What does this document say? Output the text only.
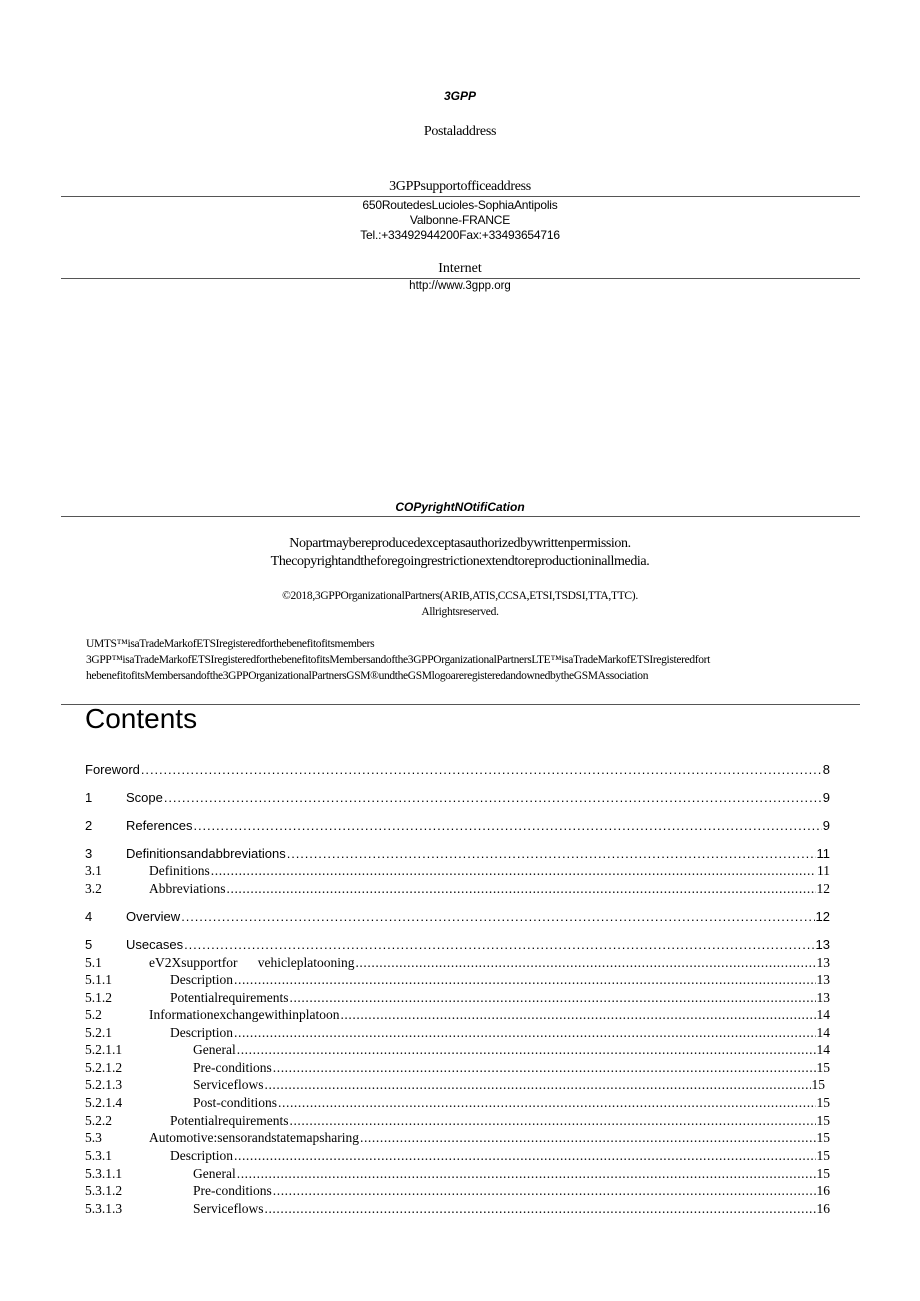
3GPP
Postaladdress
3GPPsupportofficeaddress
650RoutedesLucioles-SophiaAntipolis
Valbonne-FRANCE
Tel.:+33492944200Fax:+33493654716
Internet
http://www.3gpp.org
COPyrightNOtifiCation
Nopartmaybereproducedexceptasauthorizedbywrittenpermission.
Thecopyrightandtheforegoingrestrictionextendtoreproductioninallmedia.
©2018,3GPPOrganizationalPartners(ARIB,ATIS,CCSA,ETSI,TSDSI,TTA,TTC).
Allrightsreserved.
UMTS™isaTradeMarkofETSIregisteredforthebenefitofitsmembers
3GPP™isaTradeMarkofETSIregisteredforthebenefitofitsMembersandofthe3GPPOrganizationalPartnersLTE™isaTradeMarkofETSIregisteredfort
hebenefitofitsMembersandofthe3GPPOrganizationalPartnersGSM®undtheGSMlogoareregisteredandownedbytheGSMAssociation
Contents
Foreword .....	8
1	Scope .....	9
2	References .....	9
3	Definitionsandabbreviations .....	11
3.1	Definitions .....	11
3.2	Abbreviations .....	12
4	Overview .....	12
5	Usecases .....	13
5.1	eV2Xsupportfor      vehicleplatooning .....	13
5.1.1	Description .....	13
5.1.2	Potentialrequirements .....	13
5.2	Informationexchangewithinplatoon .....	14
5.2.1	Description .....	14
5.2.1.1	General .....	14
5.2.1.2	Pre-conditions .....	15
5.2.1.3	Serviceflows .....	15
5.2.1.4	Post-conditions .....	15
5.2.2	Potentialrequirements .....	15
5.3	Automotive:sensorandstatemapsharing .....	15
5.3.1	Description .....	15
5.3.1.1	General .....	15
5.3.1.2	Pre-conditions .....	16
5.3.1.3	Serviceflows .....	16
